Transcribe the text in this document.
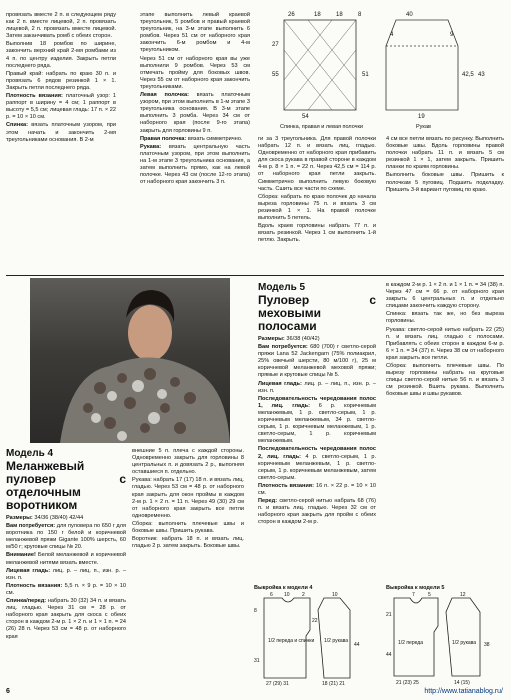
провязать вместе 2 п. в следующем ряду как 2 п. вместе лицевой, 2 п. провязать лицевой, 2 п. провязать вместе лицевой. Затем заканчивать ромб с обеих сторон.

Выполнив 18 ромбов по ширине, закончить верхний край 2-мя ромбами из 4 п. по центру изделия. Закрыть петли последнего ряда.

Правый край: набрать по краю 30 п. и провязать 6 рядов резинкой 1 × 1. Закрыть петли последнего ряда.

Плотность вязания: платочный узор: 1 раппорт в ширину = 4 см; 1 раппорт в высоту = 5,5 см; лицевая гладь: 17 п. × 22 р. = 10 × 10 см.

Спинка: вязать платочным узором, при этом начать и закончить 2-мя треугольниками основания. В 2-м

этапе выполнить левый краевой треугольник, 5 ромбов и правый краевой треугольник, на 3-м этапе выполнить 6 ромбов. Через 51 см от наборного края закончить 6-м ромбом и 4-м треугольником.

Через 51 см от наборного края вы уже выполнили 9 ромбов. Через 53 см отмечать пройму для боковых швов. Через 55 см от наборного края закончить треугольниками.

Левая полочка: вязать платочным узором, при этом выполнить в 1-м этапе 3 треугольника основания. В 3-м этапе выполнить 3 ромба. Через 34 см от наборного края (после 9-го этапа) закрыть для горловины 9 п.

Правая полочка: вязать симметрично.

Рукава: вязать центральную часть платочным узором, при этом выполнить на 1-м этапе 3 треугольника основания, а затем выполнить прямо, как на левой полочке. Через 43 см (после 12-го этапа) от наборного края закончить 3 п.

26	18	18	8
27
55	51
40
42,5 43
19
4	9
54
Спинка, правая и левая полочки	Рукав

ги за 3 треугольника. Для правой полочки набрать 12 п. и вязать лиц. гладью. Одновременно от наборного края прибавить для скоса рукава в правой стороне в каждом 4-м р. 8 × 1 п. = 22 п. Через 42,5 см = 114 р. от наборного края петли закрыть. Симметрично выполнить левую боковую часть. Сшить все части по схеме.

Сборка: набрать по краю полочек до начала выреза горловины 75 п. и вязать 3 см резинкой 1 × 1. На правой полочке выполнить 5 петель.

Вдоль краев горловины набрать 77 п. и вязать резинкой. Через 1 см выполнить 1-й петлю. Закрыть.

4 см все петли вязать по рисунку. Выполнить боковые швы. Вдоль горловины правой полочки набрать 11 п. и вязать 5 см резинкой 1 × 1, затем закрыть. Пришить планки по краям горловины.

Выполнить боковые швы. Пришить к полочкам 5 пуговиц. Подшить подкладку. Пришить 3-й вариант пуговиц по краю.

Модель 4

Меланжевый пуловер с отделочным воротником

Размеры: 34/36 (38/40) 42/44

Вам потребуется: для пуловера по 650 г для воротника по 150 г белой и коричневой меланжевой пряжи Gigante 100% шерсть, 60 м/50 г; круговые спицы № 20.

Внимание! Белой меланжевой и коричневой меланжевой нитями вязать вместе.

Лицевая гладь: лиц. р. – лиц. п., изн. р. – изн. п.

Плотность вязания: 5,5 п. × 9 р. = 10 × 10 см.

Спинка/перед: набрать 30 (32) 34 п. и вязать лиц. гладью. Через 31 см = 28 р. от наборного края закрыть для скоса с обеих сторон в каждом 2-м р. 1 × 2 п. и 1 × 1 п. = 24 (26) 28 п. Через 53 см = 48 р. от наборного края

внешние 5 п. плеча с каждой стороны. Одновременно закрыть для горловины 8 центральных п. и довязать 2 р., выполняя оставшиеся п. отдельно.

Рукава: набрать 17 (17) 18 п. и вязать лиц. гладью. Через 53 см = 48 р. от наборного края закрыть для окон проймы в каждом 2-м р. 1 × 2 п. = 11 п. Через 49 (30) 29 см от наборного края закрыть все петли одновременно.

Сборка: выполнить плечевые швы и боковые швы. Пришить рукава.

Воротник: набрать 18 п. и вязать лиц. гладью 2 р. затем закрыть. Боковые швы.

Модель 5

Пуловер с меховыми полосами

Размеры: 36/38 (40/42)

Вам потребуется: 680 (700) г светло-серой пряжи Lana 52 Jackengarn (75% полиакрил, 25% овечьей шерсти, 80 м/100 г), 25 м коричневой меланжевой меховой пряжи; прямые и круговые спицы № 5.

Лицевая гладь: лиц. р. – лиц. п., изн. р. – изн. п.

Последовательность чередования полос 1, лиц. гладь: 6 р. коричневым меланжевым, 1 р. светло-серым, 1 р. коричневым меланжевым, 34 р. светло-серым, 1 р. коричневым меланжевым, 1 р. светло-серым, 1 р. коричневым меланжевым.

Последовательность чередования полос 2, лиц. гладь: 4 р. светло-серым, 1 р. коричневым меланжевым, 1 р. светло-серым, 1 р. коричневым меланжевым, затем светло-серым.

Плотность вязания: 16 п. × 22 р. = 10 × 10 см.

Перед: светло-серой нитью набрать 68 (76) п. и вязать лиц. гладью. Через 32 см от наборного края закрыть для пройм с обеих сторон в каждом 2-м р.

в каждом 2-м р. 1 × 2 п. и 1 × 1 п. = 34 (38) п. Через 47 см = 66 р. от наборного края закрыть 6 центральных п. и отдельно спицами закончить каждую сторону.

Спинка: вязать так же, но без выреза горловины.

Рукава: светло-серой нитью набрать 22 (25) п. и вязать лиц. гладью с полосами. Прибавлять с обеих сторон в каждом 6-м р. 6 × 1 п. = 34 (37) п. Через 38 см от наборного края закрыть все петли.

Сборка: выполнить плечевые швы. По вырезу горловины набрать на круговые спицы светло-серой нитью 56 п. и вязать 3 см резинкой. Вшить рукава. Выполнить боковые швы и швы рукавов.

Выкройка к модели 4
1/2 переда и спинки 1/2 рукава
6 10 2
8
31
10
27 (29) 31	18 (21) 21
22
44
Выкройка к модели 5
1/2 переда	1/2 рукава
7	5
21
12
38
21 (23) 25	14 (15)
44
6	http://www.tatianablog.ru/
